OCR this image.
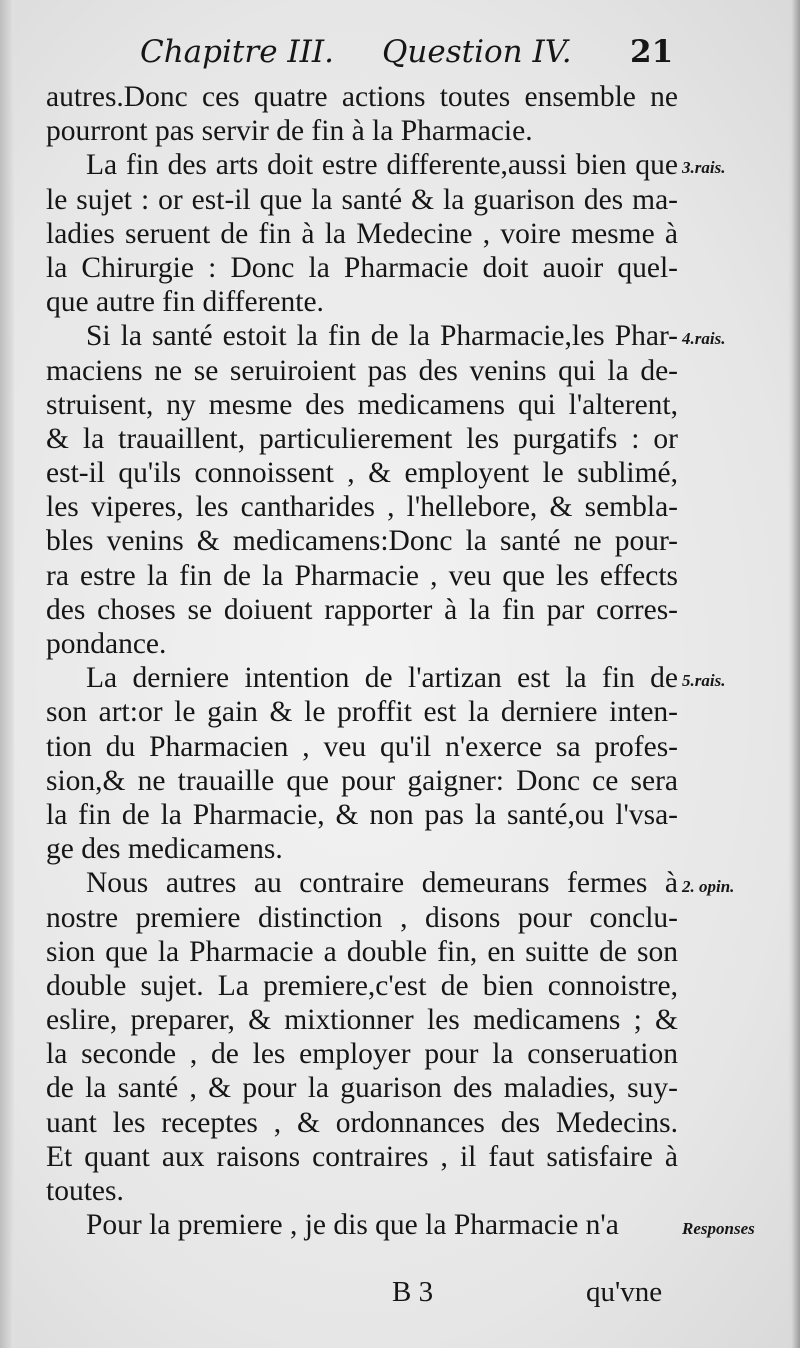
Chapitre III. Question IV. 21
autres.Donc ces quatre actions toutes ensemble ne
pourront pas servir de fin à la Pharmacie.
La fin des arts doit estre differente,aussi bien que
le sujet : or est-il que la santé & la guarison des ma-
ladies seruent de fin à la Medecine , voire mesme à
la Chirurgie : Donc la Pharmacie doit auoir quel-
que autre fin differente.
Si la santé estoit la fin de la Pharmacie,les Phar-
maciens ne se seruiroient pas des venins qui la de-
struisent, ny mesme des medicamens qui l'alterent,
& la trauaillent, particulierement les purgatifs : or
est-il qu'ils connoissent , & employent le sublimé,
les viperes, les cantharides , l'hellebore, & sembla-
bles venins & medicamens:Donc la santé ne pour-
ra estre la fin de la Pharmacie , veu que les effects
des choses se doiuent rapporter à la fin par corres-
pondance.
La derniere intention de l'artizan est la fin de
son art:or le gain & le proffit est la derniere inten-
tion du Pharmacien , veu qu'il n'exerce sa profes-
sion,& ne trauaille que pour gaigner: Donc ce sera
la fin de la Pharmacie, & non pas la santé,ou l'vsa-
ge des medicamens.
Nous autres au contraire demeurans fermes à
nostre premiere distinction , disons pour conclu-
sion que la Pharmacie a double fin, en suitte de son
double sujet. La premiere,c'est de bien connoistre,
eslire, preparer, & mixtionner les medicamens ; &
la seconde , de les employer pour la conseruation
de la santé , & pour la guarison des maladies, suy-
uant les receptes , & ordonnances des Medecins.
Et quant aux raisons contraires , il faut satisfaire à
toutes.
Pour la premiere , je dis que la Pharmacie n'a
3.rais.
4.rais.
5.rais.
2. opin.
Responses
B 3	qu'vne
